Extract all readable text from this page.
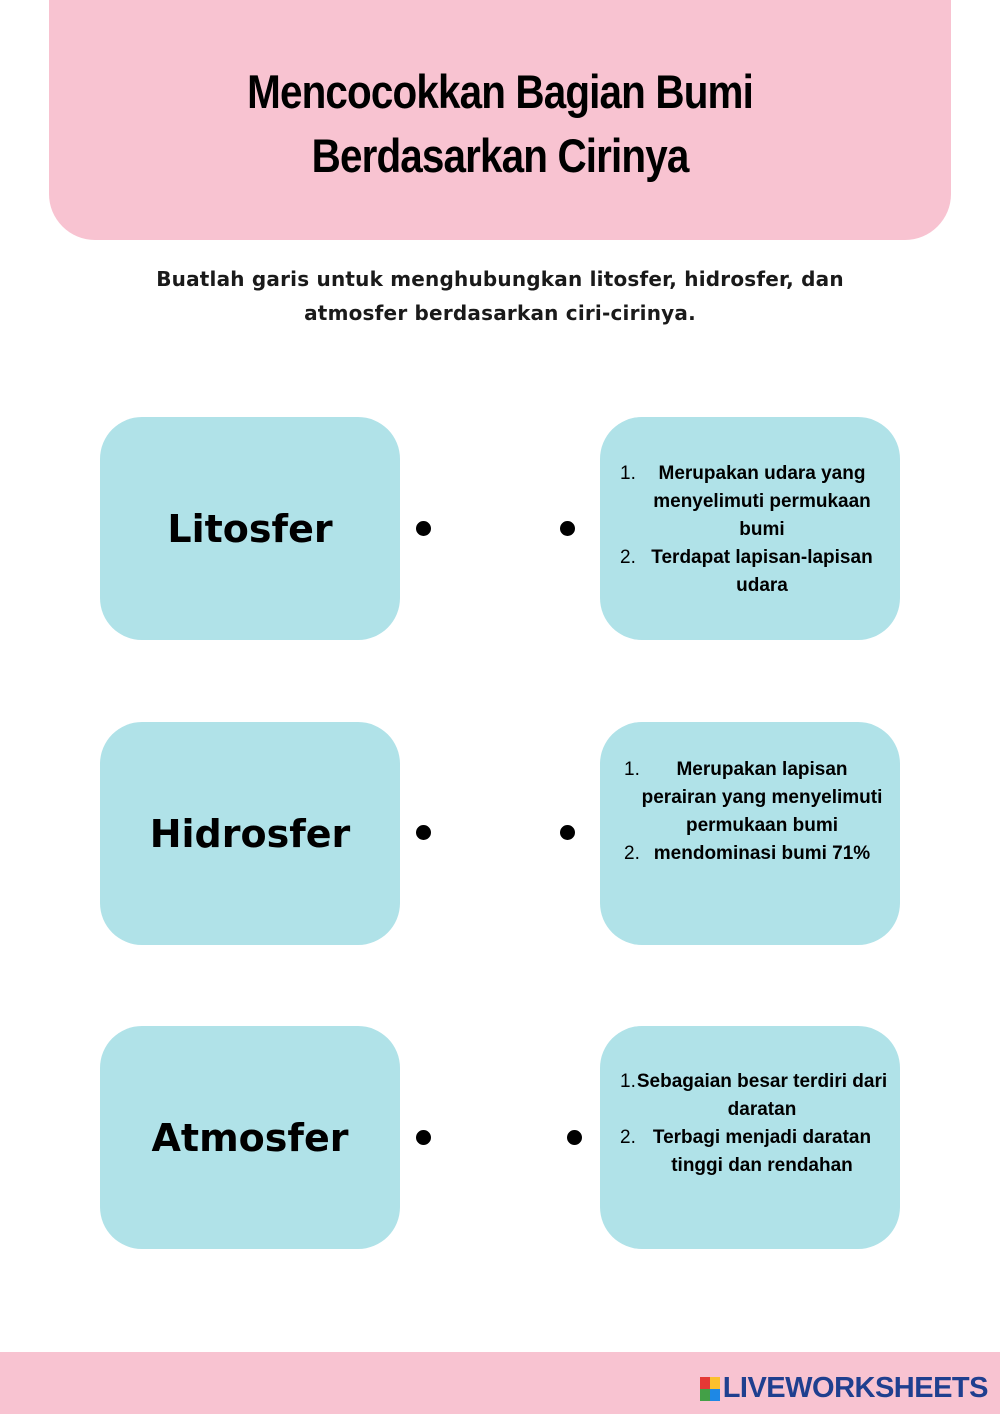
Mencocokkan Bagian Bumi
Berdasarkan Cirinya
Buatlah garis untuk menghubungkan litosfer, hidrosfer, dan
atmosfer berdasarkan ciri-cirinya.
Litosfer
1. Merupakan udara yang menyelimuti permukaan bumi
2. Terdapat lapisan-lapisan udara
Hidrosfer
1. Merupakan lapisan perairan yang menyelimuti permukaan bumi
2. mendominasi bumi 71%
Atmosfer
1. Sebagaian besar terdiri dari daratan
2. Terbagi menjadi daratan tinggi dan rendahan
LIVEWORKSHEETS
